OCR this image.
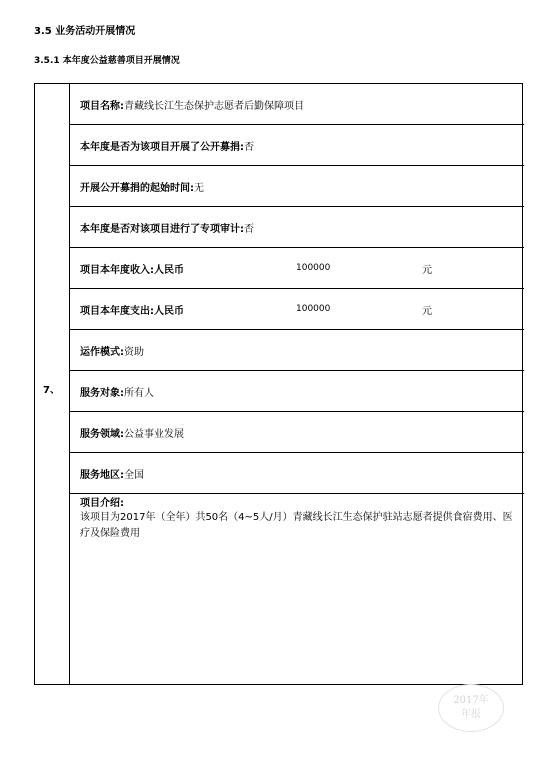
3.5 业务活动开展情况
3.5.1 本年度公益慈善项目开展情况
7、
项目名称: 青藏线长江生态保护志愿者后勤保障项目
本年度是否为该项目开展了公开募捐: 否
开展公开募捐的起始时间: 无
本年度是否对该项目进行了专项审计: 否
项目本年度收入: 人民币	100000	元
项目本年度支出: 人民币	100000	元
运作模式: 资助
服务对象: 所有人
服务领域: 公益事业发展
服务地区: 全国
项目介绍:
该项目为2017年（全年）共50名（4~5人/月）青藏线长江生态保护驻站志愿者提供食宿费用、医疗及保险费用
2017年
年报
